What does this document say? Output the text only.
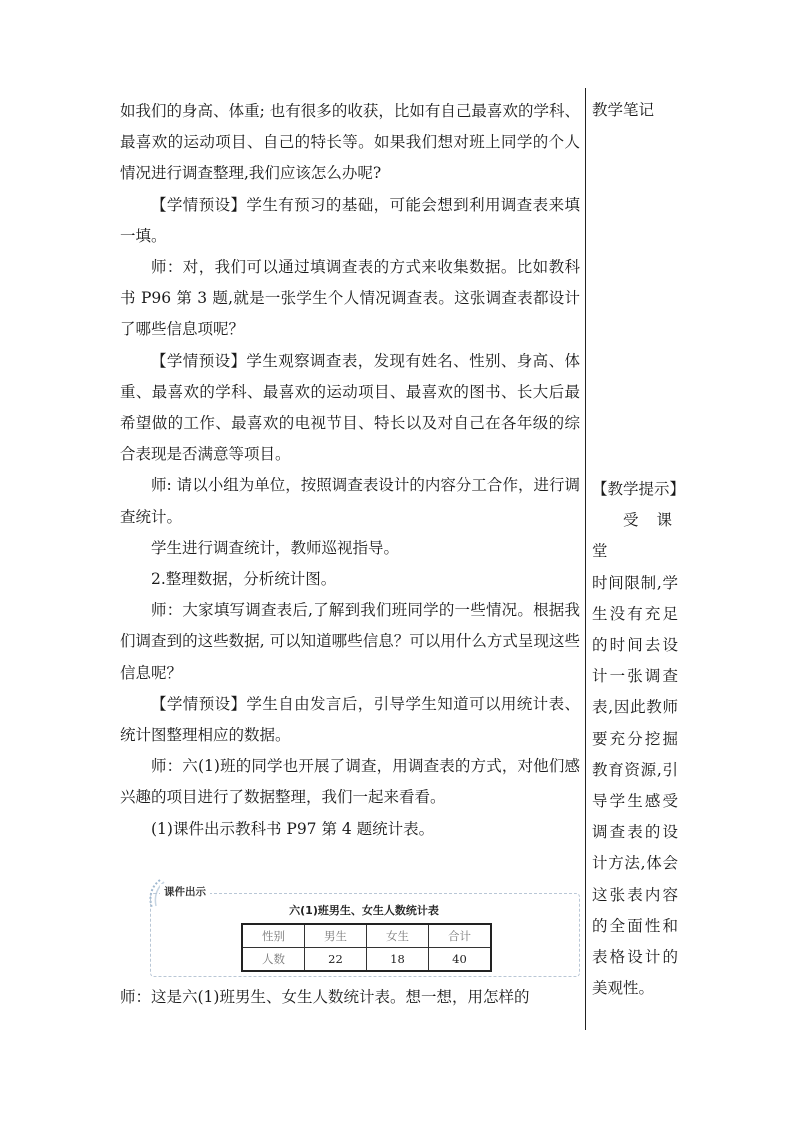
如我们的身高、体重; 也有很多的收获，比如有自己最喜欢的学科、最喜欢的运动项目、自己的特长等。如果我们想对班上同学的个人情况进行调查整理,我们应该怎么办呢?

【学情预设】学生有预习的基础，可能会想到利用调查表来填一填。

师：对，我们可以通过填调查表的方式来收集数据。比如教科书 P96 第 3 题,就是一张学生个人情况调查表。这张调查表都设计了哪些信息项呢？

【学情预设】学生观察调查表，发现有姓名、性别、身高、体重、最喜欢的学科、最喜欢的运动项目、最喜欢的图书、长大后最希望做的工作、最喜欢的电视节目、特长以及对自己在各年级的综合表现是否满意等项目。

师: 请以小组为单位，按照调查表设计的内容分工合作，进行调查统计。

学生进行调查统计，教师巡视指导。

2.整理数据，分析统计图。

师：大家填写调查表后,了解到我们班同学的一些情况。根据我们调查到的这些数据, 可以知道哪些信息？可以用什么方式呈现这些信息呢？

【学情预设】学生自由发言后，引导学生知道可以用统计表、统计图整理相应的数据。

师：六(1)班的同学也开展了调查，用调查表的方式，对他们感兴趣的项目进行了数据整理，我们一起来看看。

(1)课件出示教科书 P97 第 4 题统计表。

教学笔记
【教学提示】
受课堂
时间限制,学生没有充足的时间去设计一张调查表,因此教师要充分挖掘教育资源,引导学生感受调查表的设计方法,体会这张表内容的全面性和表格设计的美观性。
课件出示
六(1)班男生、女生人数统计表
性别	男生	女生	合计
人数	22	18	40
师：这是六(1)班男生、女生人数统计表。想一想，用怎样的
